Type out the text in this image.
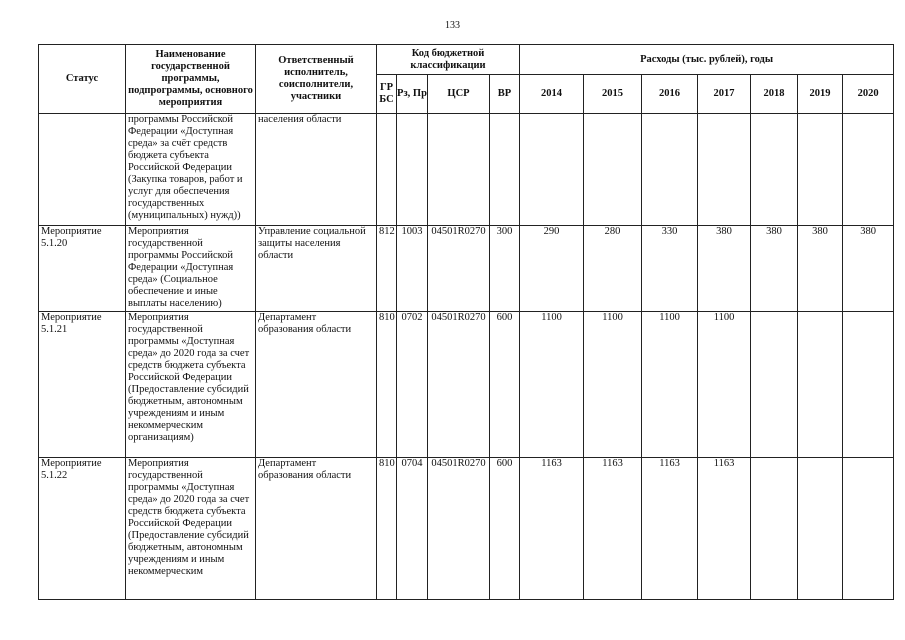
133
Статус	Наименование государственной программы, подпрограммы, основного мероприятия	Ответственный исполнитель, соисполнители, участники	Код бюджетной классификации				Расходы (тыс. рублей), годы						
			ГРБС	Рз, Пр	ЦСР	ВР	2014	2015	2016	2017	2018	2019	2020
	программы Российской Федерации «Доступная среда» за счёт средств бюджета субъекта Российской Федерации (Закупка товаров, работ и услуг для обеспечения государственных (муниципальных) нужд))	населения области											
Мероприятие 5.1.20	Мероприятия государственной программы Российской Федерации «Доступная среда» (Социальное обеспечение и иные выплаты населению)	Управление социальной защиты населения области	812	1003	04501R0270	300	290	280	330	380	380	380	380
Мероприятие 5.1.21	Мероприятия государственной программы «Доступная среда» до 2020 года за счет средств бюджета субъекта Российской Федерации (Предоставление субсидий бюджетным, автономным учреждениям и иным некоммерческим организациям)	Департамент образования области	810	0702	04501R0270	600	1100	1100	1100	1100			
Мероприятие 5.1.22	Мероприятия государственной программы «Доступная среда» до 2020 года за счет средств бюджета субъекта Российской Федерации (Предоставление субсидий бюджетным, автономным учреждениям и иным некоммерческим	Департамент образования области	810	0704	04501R0270	600	1163	1163	1163	1163			
